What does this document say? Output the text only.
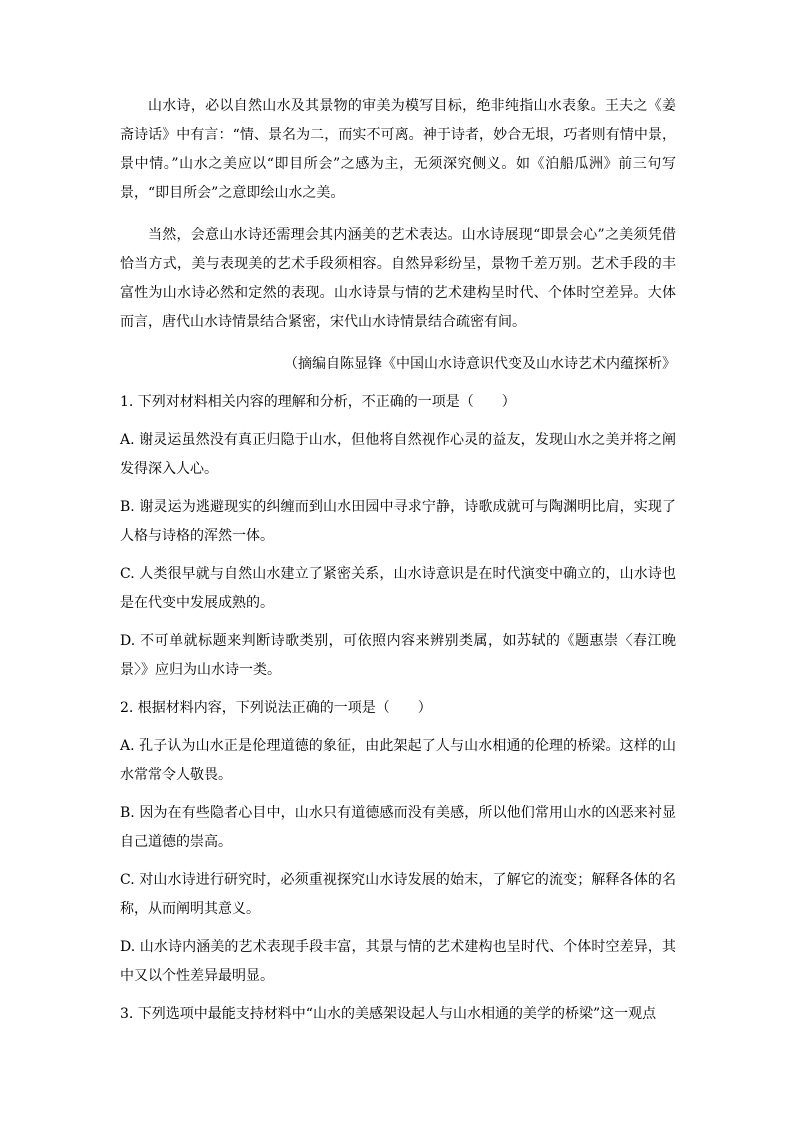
山水诗，必以自然山水及其景物的审美为模写目标，绝非纯指山水表象。王夫之《姜斋诗话》中有言：“情、景名为二，而实不可离。神于诗者，妙合无垠，巧者则有情中景，景中情。”山水之美应以“即目所会”之感为主，无须深究侧义。如《泊船瓜洲》前三句写景，“即目所会”之意即绘山水之美。

当然，会意山水诗还需理会其内涵美的艺术表达。山水诗展现“即景会心”之美须凭借恰当方式，美与表现美的艺术手段须相容。自然异彩纷呈，景物千差万别。艺术手段的丰富性为山水诗必然和定然的表现。山水诗景与情的艺术建构呈时代、个体时空差异。大体而言，唐代山水诗情景结合紧密，宋代山水诗情景结合疏密有间。

（摘编自陈显锋《中国山水诗意识代变及山水诗艺术内蕴探析》

1. 下列对材料相关内容的理解和分析，不正确的一项是（　　）

A. 谢灵运虽然没有真正归隐于山水，但他将自然视作心灵的益友，发现山水之美并将之阐发得深入人心。

B. 谢灵运为逃避现实的纠缠而到山水田园中寻求宁静，诗歌成就可与陶渊明比肩，实现了人格与诗格的浑然一体。

C. 人类很早就与自然山水建立了紧密关系，山水诗意识是在时代演变中确立的，山水诗也是在代变中发展成熟的。

D. 不可单就标题来判断诗歌类别，可依照内容来辨别类属，如苏轼的《题惠崇〈春江晚景〉》应归为山水诗一类。

2. 根据材料内容，下列说法正确的一项是（　　）

A. 孔子认为山水正是伦理道德的象征，由此架起了人与山水相通的伦理的桥梁。这样的山水常常令人敬畏。

B. 因为在有些隐者心目中，山水只有道德感而没有美感，所以他们常用山水的凶恶来衬显自己道德的崇高。

C. 对山水诗进行研究时，必须重视探究山水诗发展的始末，了解它的流变；解释各体的名称，从而阐明其意义。

D. 山水诗内涵美的艺术表现手段丰富，其景与情的艺术建构也呈时代、个体时空差异，其中又以个性差异最明显。

3. 下列选项中最能支持材料中“山水的美感架设起人与山水相通的美学的桥梁”这一观点
